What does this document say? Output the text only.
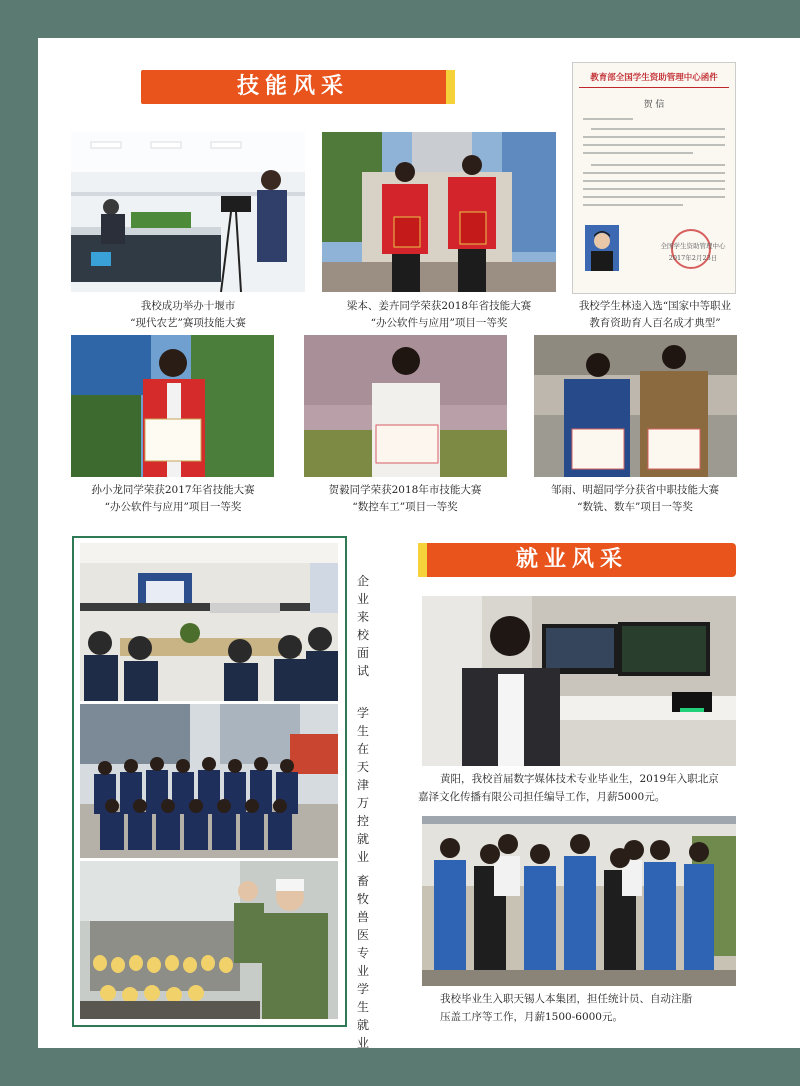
技能风采	教育部全国学生资助管理中心函件
贺 信
全国学生资助管理中心
2017年2月23日
我校成功举办十堰市
“现代农艺”赛项技能大赛
梁本、姜卉同学荣获2018年省技能大赛
“办公软件与应用”项目一等奖
我校学生林逵入选“国家中等职业
教育资助育人百名成才典型”
孙小龙同学荣获2017年省技能大赛
“办公软件与应用”项目一等奖
贺毅同学荣获2018年市技能大赛
“数控车工”项目一等奖
邹雨、明超同学分获省中职技能大赛
“数铣、数车”项目一等奖
企业来校面试
学生在天津万控就业
畜牧兽医专业学生就业
就业风采
黄阳，我校首届数字媒体技术专业毕业生，2019年入职北京
嘉泽文化传播有限公司担任编导工作，月薪5000元。
我校毕业生入职天锡人本集团，担任统计员、自动注脂
压盖工序等工作，月薪1500-6000元。
